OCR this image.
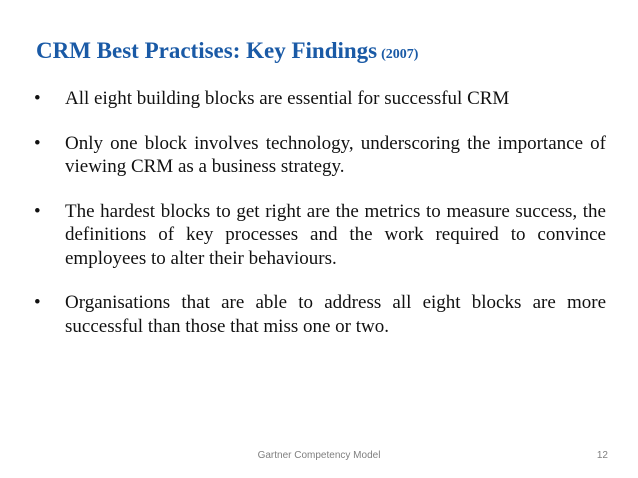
CRM Best Practises: Key Findings (2007)
•	All eight building blocks are essential for successful CRM
•	Only one block involves technology, underscoring the importance of viewing CRM as a business strategy.
•	The hardest blocks to get right are the metrics to measure success, the definitions of key processes and the work required to convince employees to alter their behaviours.
•	Organisations that are able to address all eight blocks are more successful than those that miss one or two.
Gartner Competency Model	12
